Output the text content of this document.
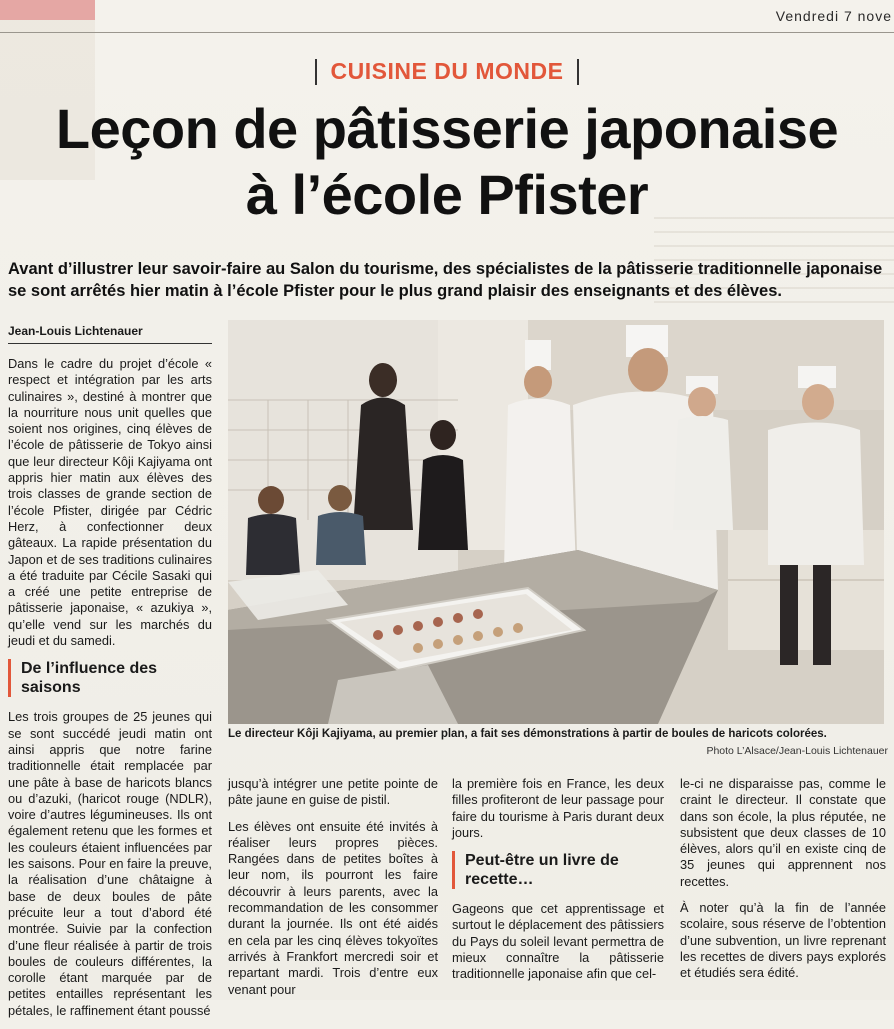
Vendredi 7 nove
CUISINE DU MONDE
Leçon de pâtisserie japonaise
à l’école Pfister
Avant d’illustrer leur savoir-faire au Salon du tourisme, des spécialistes de la pâtisserie traditionnelle japonaise se sont arrêtés hier matin à l’école Pfister pour le plus grand plaisir des enseignants et des élèves.
Jean-Louis Lichtenauer

Dans le cadre du projet d’école « respect et intégration par les arts culinaires », destiné à montrer que la nourriture nous unit quelles que soient nos origines, cinq élèves de l’école de pâtisserie de Tokyo ainsi que leur directeur Kôji Kajiyama ont appris hier matin aux élèves des trois classes de grande section de l’école Pfister, dirigée par Cédric Herz, à confectionner deux gâteaux. La rapide présentation du Japon et de ses traditions culinaires a été traduite par Cécile Sasaki qui a créé une petite entreprise de pâtisserie japonaise, « azukiya », qu’elle vend sur les marchés du jeudi et du samedi.

De l’influence des saisons

Les trois groupes de 25 jeunes qui se sont succédé jeudi matin ont ainsi appris que notre farine traditionnelle était remplacée par une pâte à base de haricots blancs ou d’azuki, (haricot rouge (NDLR), voire d’autres légumineuses. Ils ont également retenu que les formes et les couleurs étaient influencées par les saisons. Pour en faire la preuve, la réalisation d’une châtaigne à base de deux boules de pâte précuite leur a tout d’abord été montrée. Suivie par la confection d’une fleur réalisée à partir de trois boules de couleurs différentes, la corolle étant marquée par de petites entailles représentant les pétales, le raffinement étant poussé

Le directeur Kôji Kajiyama, au premier plan, a fait ses démonstrations à partir de boules de haricots colorées.
Photo L’Alsace/Jean-Louis Lichtenauer

jusqu’à intégrer une petite pointe de pâte jaune en guise de pistil.

Les élèves ont ensuite été invités à réaliser leurs propres pièces. Rangées dans de petites boîtes à leur nom, ils pourront les faire découvrir à leurs parents, avec la recommandation de les consommer durant la journée. Ils ont été aidés en cela par les cinq élèves tokyoïtes arrivés à Frankfort mercredi soir et repartant mardi. Trois d’entre eux venant pour

la première fois en France, les deux filles profiteront de leur passage pour faire du tourisme à Paris durant deux jours.

Peut-être un livre de recette…

Gageons que cet apprentissage et surtout le déplacement des pâtissiers du Pays du soleil levant permettra de mieux connaître la pâtisserie traditionnelle japonaise afin que cel-

le-ci ne disparaisse pas, comme le craint le directeur. Il constate que dans son école, la plus réputée, ne subsistent que deux classes de 10 élèves, alors qu’il en existe cinq de 35 jeunes qui apprennent nos recettes.

À noter qu’à la fin de l’année scolaire, sous réserve de l’obtention d’une subvention, un livre reprenant les recettes de divers pays explorés et étudiés sera édité.
